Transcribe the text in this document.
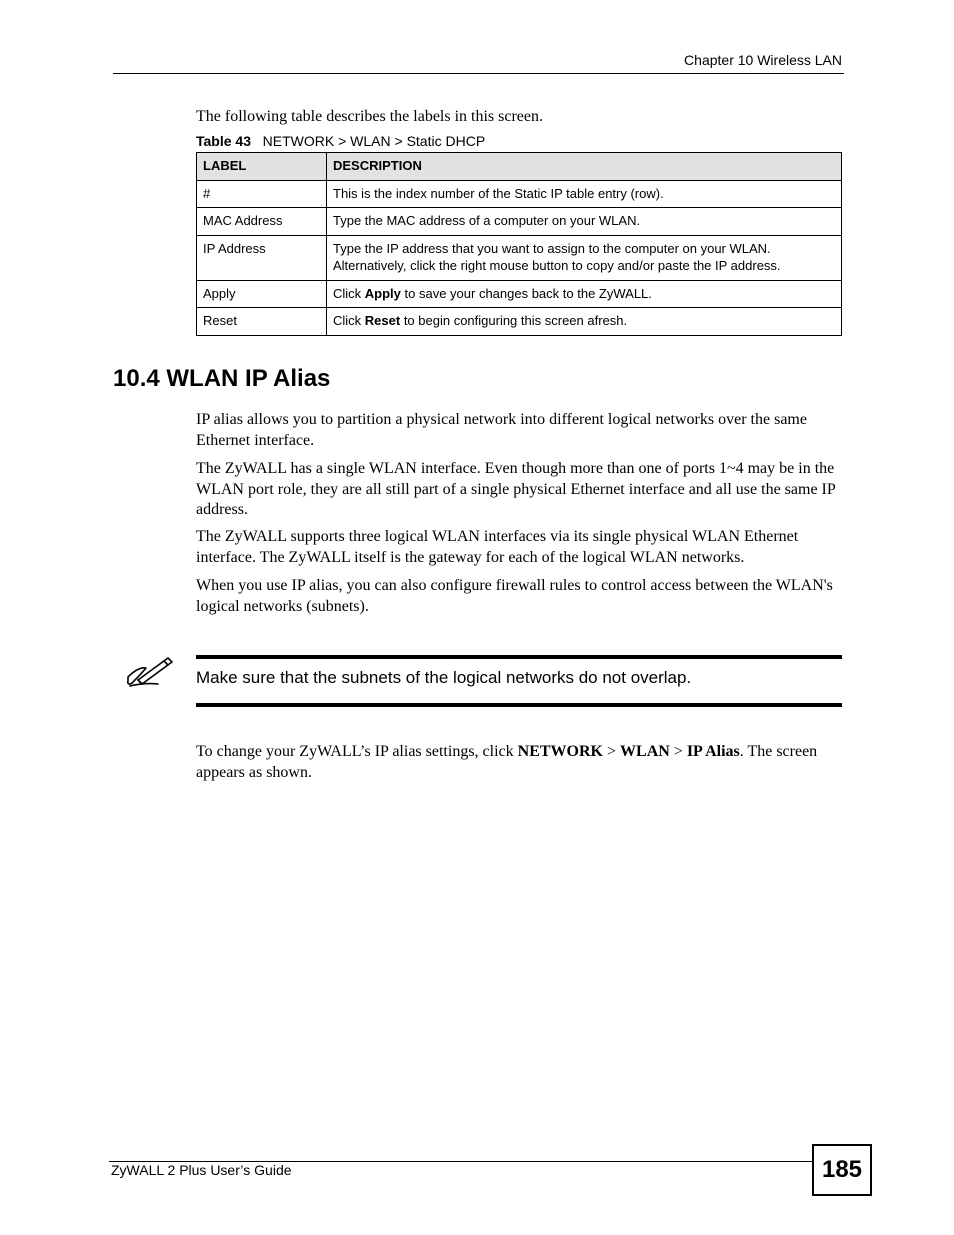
Chapter 10 Wireless LAN
The following table describes the labels in this screen.
Table 43 NETWORK > WLAN > Static DHCP
LABEL	DESCRIPTION
#	This is the index number of the Static IP table entry (row).
MAC Address	Type the MAC address of a computer on your WLAN.
IP Address	Type the IP address that you want to assign to the computer on your WLAN. Alternatively, click the right mouse button to copy and/or paste the IP address.
Apply	Click Apply to save your changes back to the ZyWALL.
Reset	Click Reset to begin configuring this screen afresh.
10.4 WLAN IP Alias

IP alias allows you to partition a physical network into different logical networks over the same Ethernet interface.

The ZyWALL has a single WLAN interface. Even though more than one of ports 1~4 may be in the WLAN port role, they are all still part of a single physical Ethernet interface and all use the same IP address.

The ZyWALL supports three logical WLAN interfaces via its single physical WLAN Ethernet interface. The ZyWALL itself is the gateway for each of the logical WLAN networks.

When you use IP alias, you can also configure firewall rules to control access between the WLAN's logical networks (subnets).

Make sure that the subnets of the logical networks do not overlap.

To change your ZyWALL’s IP alias settings, click NETWORK > WLAN > IP Alias. The screen appears as shown.

ZyWALL 2 Plus User’s Guide	185
